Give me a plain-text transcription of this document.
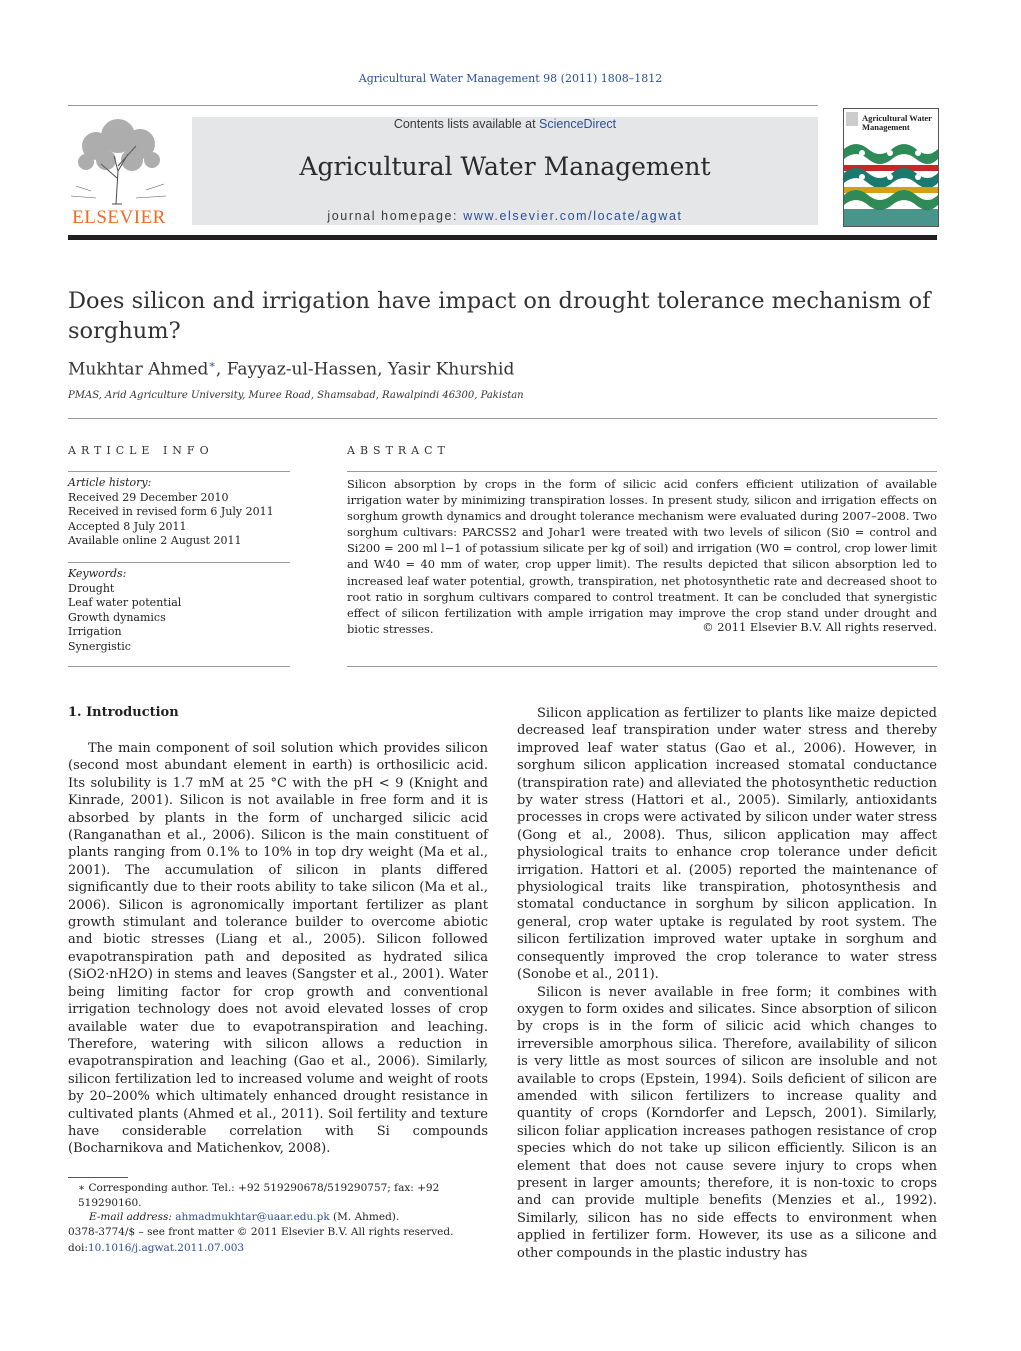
Agricultural Water Management 98 (2011) 1808–1812
ELSEVIER
Contents lists available at ScienceDirect
Agricultural Water Management
journal homepage: www.elsevier.com/locate/agwat
Agricultural Water Management
Does silicon and irrigation have impact on drought tolerance mechanism of sorghum?
Mukhtar Ahmed∗, Fayyaz-ul-Hassen, Yasir Khurshid
PMAS, Arid Agriculture University, Muree Road, Shamsabad, Rawalpindi 46300, Pakistan
ARTICLE INFO	ABSTRACT
Article history:
Received 29 December 2010
Received in revised form 6 July 2011
Accepted 8 July 2011
Available online 2 August 2011
Keywords:
Drought
Leaf water potential
Growth dynamics
Irrigation
Synergistic
Silicon absorption by crops in the form of silicic acid confers efficient utilization of available irrigation water by minimizing transpiration losses. In present study, silicon and irrigation effects on sorghum growth dynamics and drought tolerance mechanism were evaluated during 2007–2008. Two sorghum cultivars: PARCSS2 and Johar1 were treated with two levels of silicon (Si0 = control and Si200 = 200 ml l−1 of potassium silicate per kg of soil) and irrigation (W0 = control, crop lower limit and W40 = 40 mm of water, crop upper limit). The results depicted that silicon absorption led to increased leaf water potential, growth, transpiration, net photosynthetic rate and decreased shoot to root ratio in sorghum cultivars compared to control treatment. It can be concluded that synergistic effect of silicon fertilization with ample irrigation may improve the crop stand under drought and biotic stresses.	© 2011 Elsevier B.V. All rights reserved.
1. Introduction

The main component of soil solution which provides silicon (second most abundant element in earth) is orthosilicic acid. Its solubility is 1.7 mM at 25 °C with the pH < 9 (Knight and Kinrade, 2001). Silicon is not available in free form and it is absorbed by plants in the form of uncharged silicic acid (Ranganathan et al., 2006). Silicon is the main constituent of plants ranging from 0.1% to 10% in top dry weight (Ma et al., 2001). The accumulation of silicon in plants differed significantly due to their roots ability to take silicon (Ma et al., 2006). Silicon is agronomically important fertilizer as plant growth stimulant and tolerance builder to overcome abiotic and biotic stresses (Liang et al., 2005). Silicon followed evapotranspiration path and deposited as hydrated silica (SiO2·nH2O) in stems and leaves (Sangster et al., 2001). Water being limiting factor for crop growth and conventional irrigation technology does not avoid elevated losses of crop available water due to evapotranspiration and leaching. Therefore, watering with silicon allows a reduction in evapotranspiration and leaching (Gao et al., 2006). Similarly, silicon fertilization led to increased volume and weight of roots by 20–200% which ultimately enhanced drought resistance in cultivated plants (Ahmed et al., 2011). Soil fertility and texture have considerable correlation with Si compounds (Bocharnikova and Matichenkov, 2008).

Silicon application as fertilizer to plants like maize depicted decreased leaf transpiration under water stress and thereby improved leaf water status (Gao et al., 2006). However, in sorghum silicon application increased stomatal conductance (transpiration rate) and alleviated the photosynthetic reduction by water stress (Hattori et al., 2005). Similarly, antioxidants processes in crops were activated by silicon under water stress (Gong et al., 2008). Thus, silicon application may affect physiological traits to enhance crop tolerance under deficit irrigation. Hattori et al. (2005) reported the maintenance of physiological traits like transpiration, photosynthesis and stomatal conductance in sorghum by silicon application. In general, crop water uptake is regulated by root system. The silicon fertilization improved water uptake in sorghum and consequently improved the crop tolerance to water stress (Sonobe et al., 2011).

Silicon is never available in free form; it combines with oxygen to form oxides and silicates. Since absorption of silicon by crops is in the form of silicic acid which changes to irreversible amorphous silica. Therefore, availability of silicon is very little as most sources of silicon are insoluble and not available to crops (Epstein, 1994). Soils deficient of silicon are amended with silicon fertilizers to increase quality and quantity of crops (Korndorfer and Lepsch, 2001). Similarly, silicon foliar application increases pathogen resistance of crop species which do not take up silicon efficiently. Silicon is an element that does not cause severe injury to crops when present in larger amounts; therefore, it is non-toxic to crops and can provide multiple benefits (Menzies et al., 1992). Similarly, silicon has no side effects to environment when applied in fertilizer form. However, its use as a silicone and other compounds in the plastic industry has

∗ Corresponding author. Tel.: +92 519290678/519290757; fax: +92 519290160.
E-mail address: ahmadmukhtar@uaar.edu.pk (M. Ahmed).
0378-3774/$ – see front matter © 2011 Elsevier B.V. All rights reserved.
doi:10.1016/j.agwat.2011.07.003
